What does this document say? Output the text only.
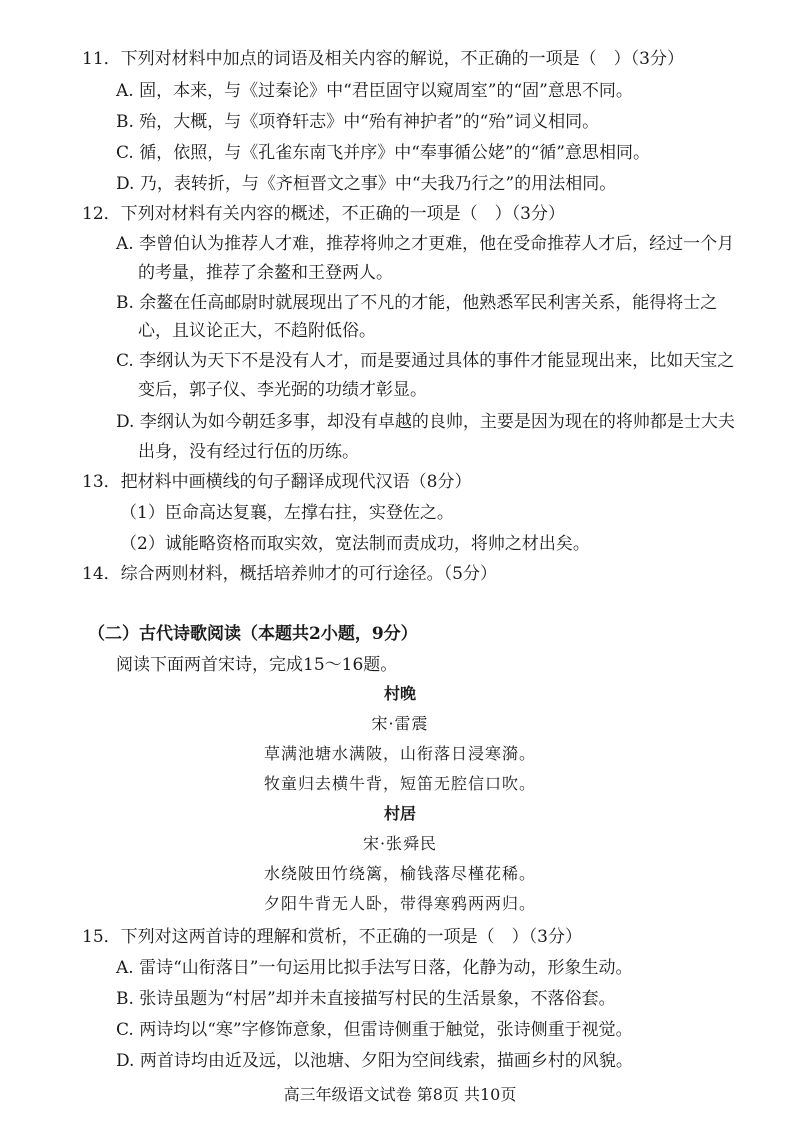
11．下列对材料中加点的词语及相关内容的解说，不正确的一项是（　）（3分）
A. 固，本来，与《过秦论》中“君臣固守以窥周室”的“固”意思不同。
B. 殆，大概，与《项脊轩志》中“殆有神护者”的“殆”词义相同。
C. 循，依照，与《孔雀东南飞并序》中“奉事循公姥”的“循”意思相同。
D. 乃，表转折，与《齐桓晋文之事》中“夫我乃行之”的用法相同。
12．下列对材料有关内容的概述，不正确的一项是（　）（3分）
A. 李曾伯认为推荐人才难，推荐将帅之才更难，他在受命推荐人才后，经过一个月
的考量，推荐了余鳌和王登两人。
B. 余鳌在任高邮尉时就展现出了不凡的才能，他熟悉军民利害关系，能得将士之
心，且议论正大，不趋附低俗。
C. 李纲认为天下不是没有人才，而是要通过具体的事件才能显现出来，比如天宝之
变后，郭子仪、李光弼的功绩才彰显。
D. 李纲认为如今朝廷多事，却没有卓越的良帅，主要是因为现在的将帅都是士大夫
出身，没有经过行伍的历练。
13．把材料中画横线的句子翻译成现代汉语（8分）
（1）臣命高达复襄，左撑右拄，实登佐之。
（2）诚能略资格而取实效，宽法制而责成功，将帅之材出矣。
14．综合两则材料，概括培养帅才的可行途径。（5分）
（二）古代诗歌阅读（本题共2小题，9分）
阅读下面两首宋诗，完成15～16题。
村晚
宋·雷震
草满池塘水满陂，山衔落日浸寒漪。
牧童归去横牛背，短笛无腔信口吹。
村居
宋·张舜民
水绕陂田竹绕篱，榆钱落尽槿花稀。
夕阳牛背无人卧，带得寒鸦两两归。
15．下列对这两首诗的理解和赏析，不正确的一项是（　）（3分）
A. 雷诗“山衔落日”一句运用比拟手法写日落，化静为动，形象生动。
B. 张诗虽题为“村居”却并未直接描写村民的生活景象，不落俗套。
C. 两诗均以“寒”字修饰意象，但雷诗侧重于触觉，张诗侧重于视觉。
D. 两首诗均由近及远，以池塘、夕阳为空间线索，描画乡村的风貌。
高三年级语文试卷 第8页 共10页
